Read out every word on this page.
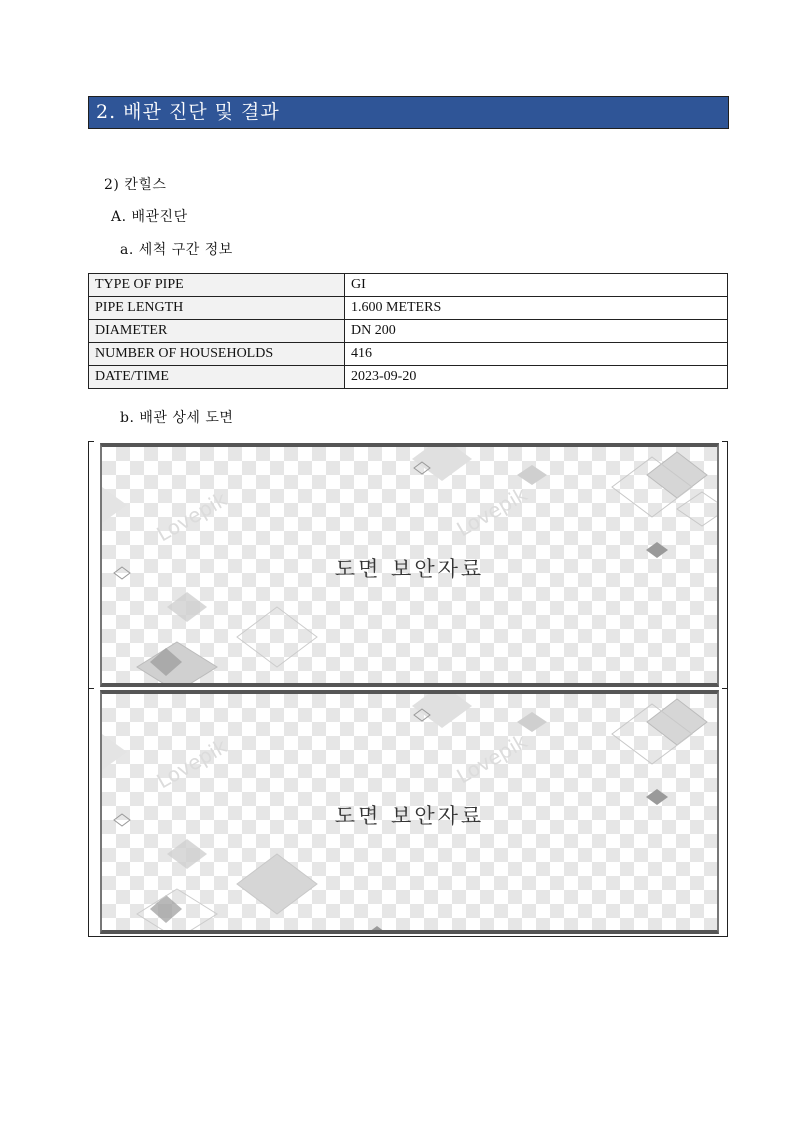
2. 배관 진단 및 결과
2) 칸힐스
A. 배관진단
a. 세척 구간 정보
TYPE OF PIPE	GI
PIPE LENGTH	1.600 METERS
DIAMETER	DN 200
NUMBER OF HOUSEHOLDS	416
DATE/TIME	2023-09-20
b. 배관 상세 도면
Lovepik	Lovepik
도면 보안자료
Lovepik	Lovepik
도면 보안자료
